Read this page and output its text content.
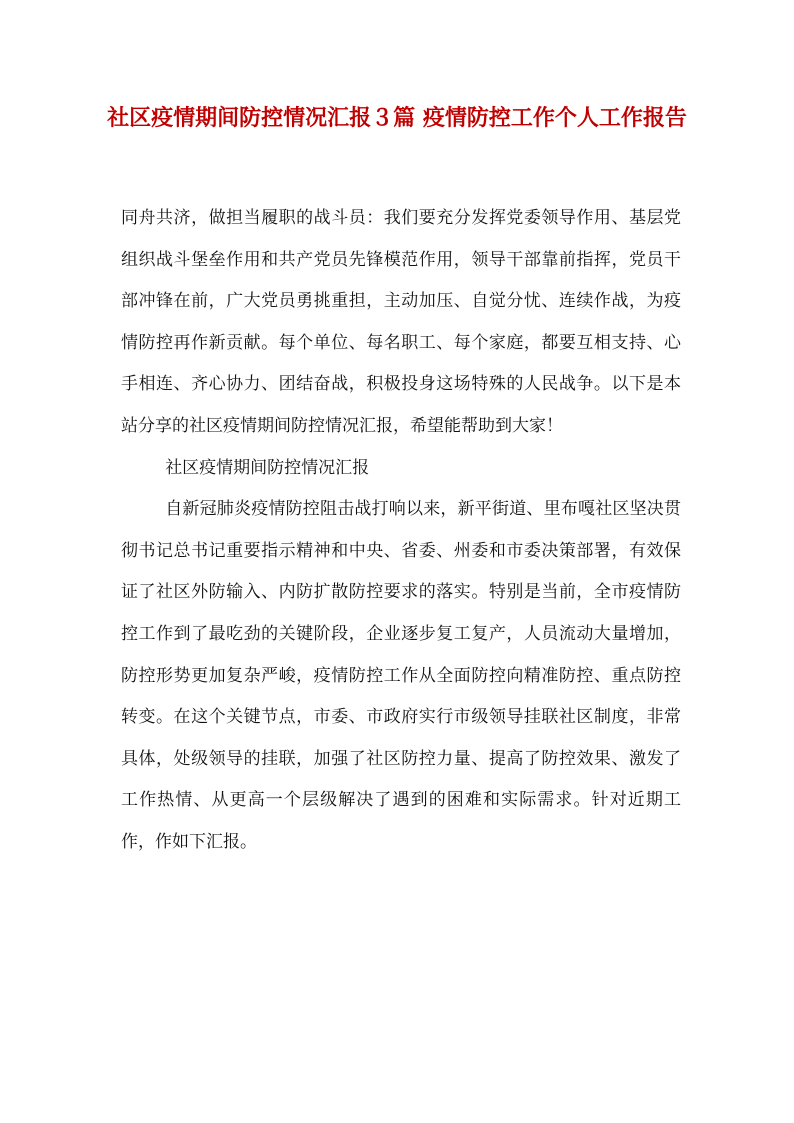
社区疫情期间防控情况汇报３篇 疫情防控工作个人工作报告

同舟共济，做担当履职的战斗员：我们要充分发挥党委领导作用、基层党组织战斗堡垒作用和共产党员先锋模范作用，领导干部靠前指挥，党员干部冲锋在前，广大党员勇挑重担，主动加压、自觉分忧、连续作战，为疫情防控再作新贡献。每个单位、每名职工、每个家庭，都要互相支持、心手相连、齐心协力、团结奋战，积极投身这场特殊的人民战争。以下是本站分享的社区疫情期间防控情况汇报，希望能帮助到大家！

社区疫情期间防控情况汇报

自新冠肺炎疫情防控阻击战打响以来，新平街道、里布嘎社区坚决贯彻书记总书记重要指示精神和中央、省委、州委和市委决策部署，有效保证了社区外防输入、内防扩散防控要求的落实。特别是当前，全市疫情防控工作到了最吃劲的关键阶段，企业逐步复工复产，人员流动大量增加，防控形势更加复杂严峻，疫情防控工作从全面防控向精准防控、重点防控转变。在这个关键节点，市委、市政府实行市级领导挂联社区制度，非常具体，处级领导的挂联，加强了社区防控力量、提高了防控效果、激发了工作热情、从更高一个层级解决了遇到的困难和实际需求。针对近期工作，作如下汇报。
